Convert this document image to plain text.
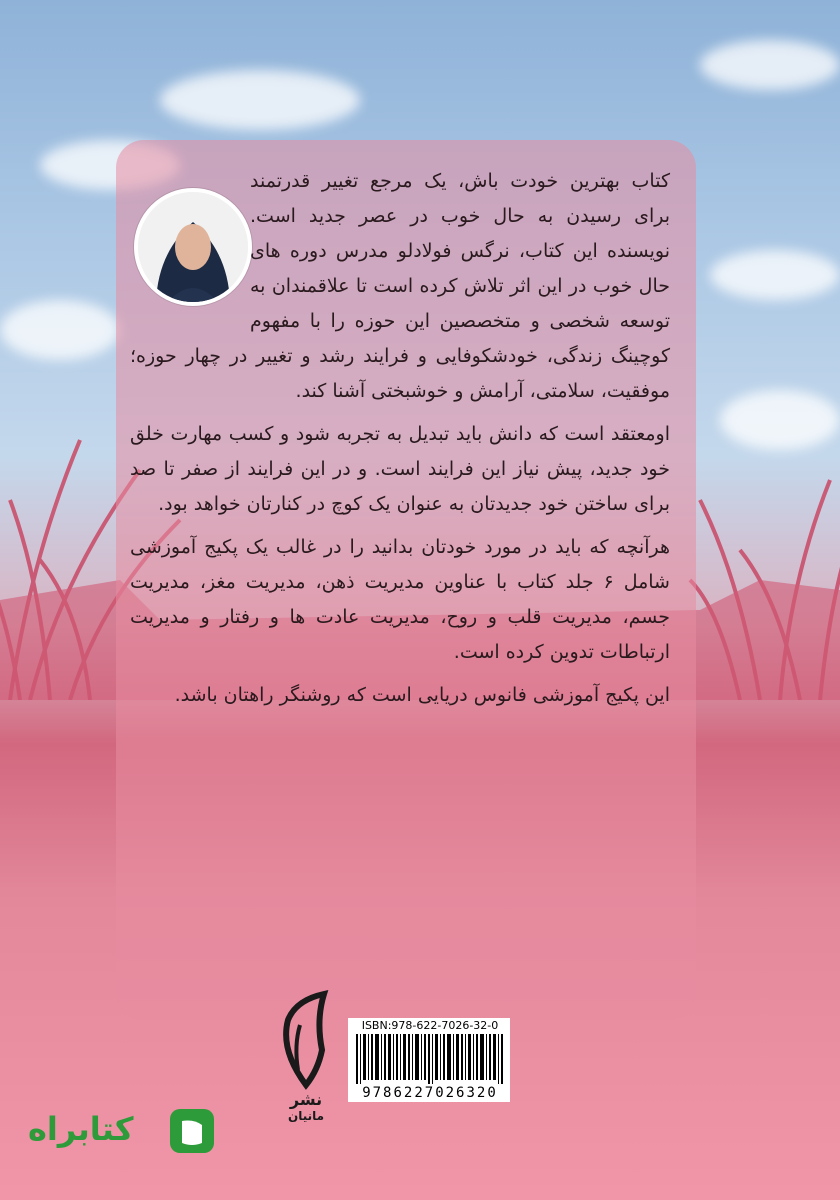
کتاب بهترین خودت باش، یک مرجع تغییر قدرتمند برای رسیدن به حال خوب در عصر جدید است. نویسنده این کتاب، نرگس فولادلو مدرس دوره های حال خوب در این اثر تلاش کرده است تا علاقمندان به توسعه شخصی و متخصصین این حوزه را با مفهوم کوچینگ زندگی، خودشکوفایی و فرایند رشد و تغییر در چهار حوزه؛ موفقیت، سلامتی، آرامش و خوشبختی آشنا کند.

اومعتقد است که دانش باید تبدیل به تجربه شود و کسب مهارت خلق خود جدید، پیش نیاز این فرایند است. و در این فرایند از صفر تا صد برای ساختن خود جدیدتان به عنوان یک کوچ در کنارتان خواهد بود.

هرآنچه که باید در مورد خودتان بدانید را در غالب یک پکیج آموزشی شامل ۶ جلد کتاب با عناوین مدیریت ذهن، مدیریت مغز، مدیریت جسم، مدیریت قلب و روح، مدیریت عادت ها و رفتار و مدیریت ارتباطات تدوین کرده است.

این پکیج آموزشی فانوس دریایی است که روشنگر راهتان باشد.

نشر
مانیان
ISBN:978-622-7026-32-0
9786227026320
کتابراه
